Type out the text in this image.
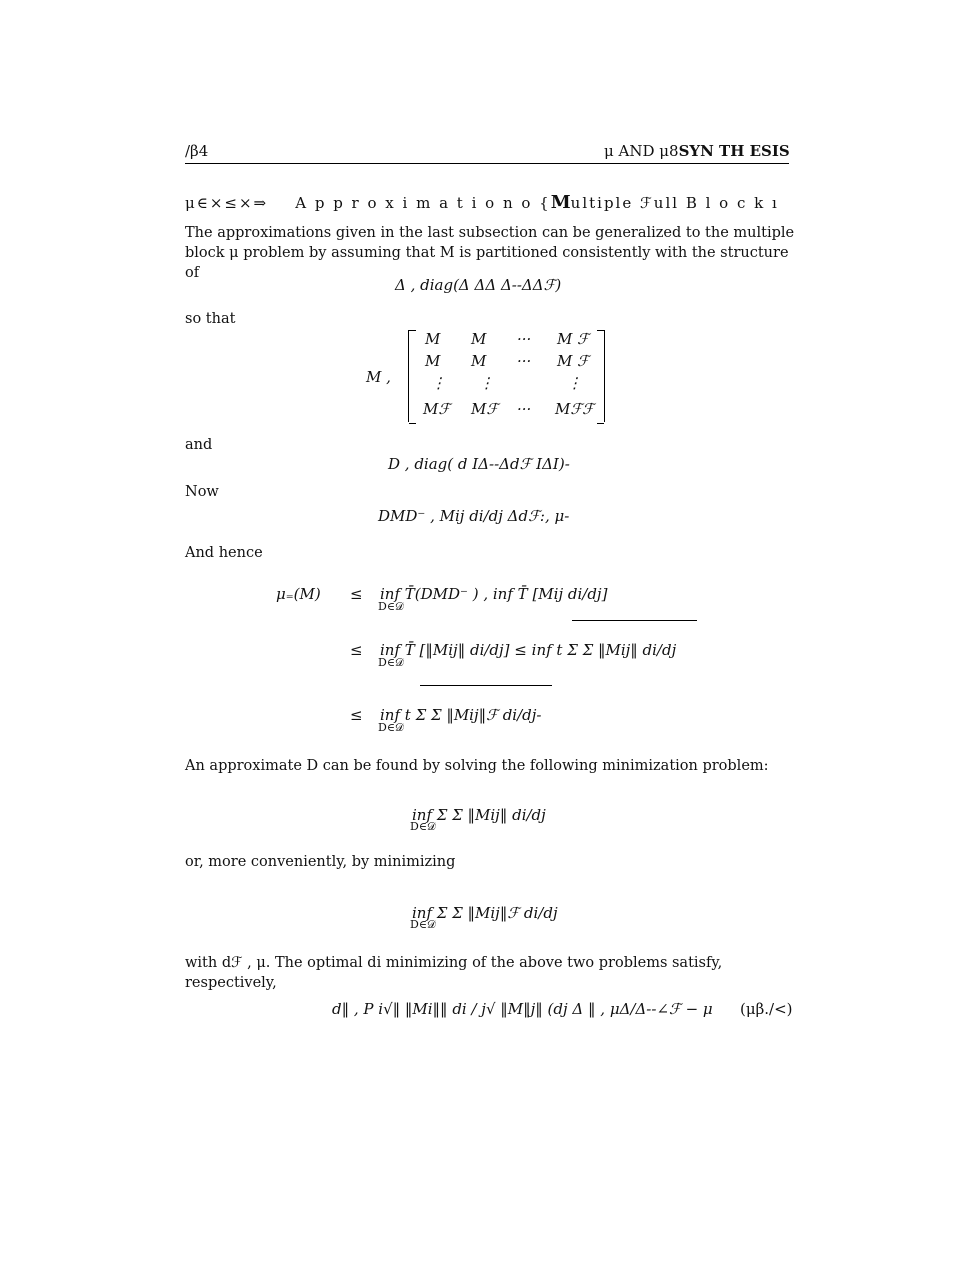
/β4	μ AND μ8SYN TH ESIS
μ∈×≤×⇒ A p p r o x i m a t i o n o {Multiple ℱull B l o c k ı
The approximations given in the last subsection can be generalized to the multiple block μ problem by assuming that M is partitioned consistently with the structure of
Δ , diag(Δ ΔΔ Δ--ΔΔℱ)
so that
M ,
M M ··· M ℱ
M M ··· M ℱ
⋮ ⋮	⋮
Mℱ Mℱ ··· Mℱℱ
and
D , diag( d IΔ--Δdℱ IΔI)-
Now
DMD⁻ , Mij di/dj Δdℱ:, μ-
And hence
μ₌(M) ≤ inf T̄(DMD⁻ ) , inf T̄ [Mij di/dj]
D∈𝒟
≤ inf T̄ [‖Mij‖ di/dj] ≤ inf t Σ Σ ‖Mij‖ di/dj
D∈𝒟
≤ inf t Σ Σ ‖Mij‖ℱ di/dj-
D∈𝒟
An approximate D can be found by solving the following minimization problem:
inf Σ Σ ‖Mij‖ di/dj
D∈𝒟
or, more conveniently, by minimizing
inf Σ Σ ‖Mij‖ℱ di/dj
D∈𝒟
with dℱ , μ. The optimal di minimizing of the above two problems satisfy, respectively,
d‖ , P i√‖ ‖Mi‖‖ di / j√ ‖M‖j‖ (dj Δ ‖ , μΔ/Δ--∠ℱ − μ (μβ./<)
